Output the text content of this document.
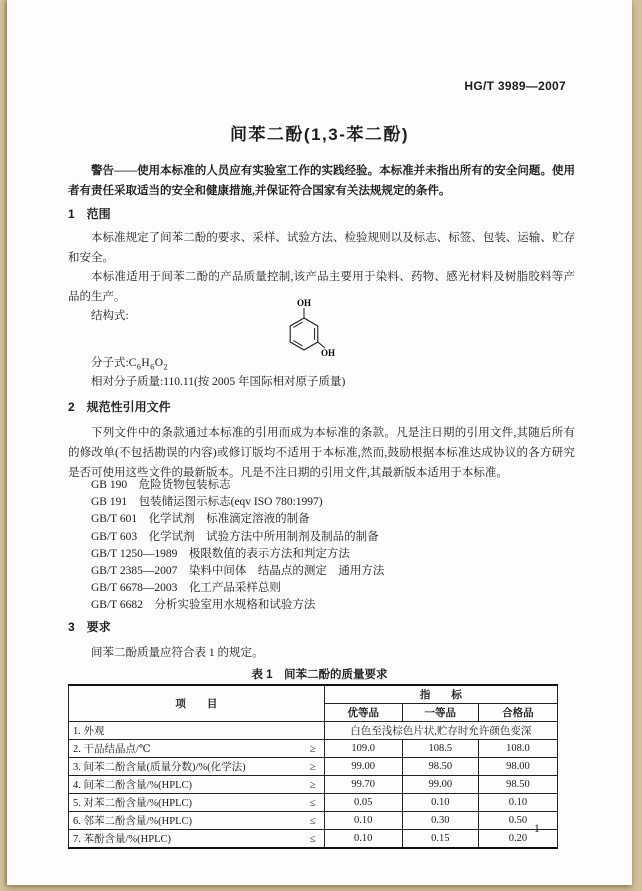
HG/T 3989—2007
间苯二酚(1,3-苯二酚)
警告——使用本标准的人员应有实验室工作的实践经验。本标准并未指出所有的安全问题。使用者有责任采取适当的安全和健康措施,并保证符合国家有关法规规定的条件。
1　范围

本标准规定了间苯二酚的要求、采样、试验方法、检验规则以及标志、标签、包装、运输、贮存和安全。

本标准适用于间苯二酚的产品质量控制,该产品主要用于染料、药物、感光材料及树脂胶料等产品的生产。

结构式:

OH
OH
分子式$:C_6H_6O_2$
相对分子质量:110.11(按 2005 年国际相对原子质量)
2　规范性引用文件

下列文件中的条款通过本标准的引用而成为本标准的条款。凡是注日期的引用文件,其随后所有的修改单(不包括勘误的内容)或修订版均不适用于本标准,然而,鼓励根据本标准达成协议的各方研究是否可使用这些文件的最新版本。凡是不注日期的引用文件,其最新版本适用于本标准。

GB 190 危险货物包装标志
GB 191 包装储运图示标志(eqv ISO 780:1997)
GB/T 601 化学试剂　标准滴定溶液的制备
GB/T 603 化学试剂　试验方法中所用制剂及制品的制备
GB/T 1250—1989 极限数值的表示方法和判定方法
GB/T 2385—2007 染料中间体　结晶点的测定　通用方法
GB/T 6678—2003 化工产品采样总则
GB/T 6682 分析实验室用水规格和试验方法
3　要求
间苯二酚质量应符合表 1 的规定。
表 1　间苯二酚的质量要求
项　　目	指　　标		
	优等品	一等品	合格品
1. 外观	白色至浅棕色片状,贮存时允许颜色变深		

2. 干品结晶点/℃ ≥	109.0	108.5	108.0

3. 间苯二酚含量(质量分数)/%(化学法) ≥	99.00	98.50	98.00

4. 间苯二酚含量/%(HPLC) ≥	99.70	99.00	98.50

5. 对苯二酚含量/%(HPLC) ≤	0.05	0.10	0.10

6. 邻苯二酚含量/%(HPLC) ≤	0.10	0.30	0.50

7. 苯酚含量/%(HPLC) ≤	0.10	0.15	0.20
1
